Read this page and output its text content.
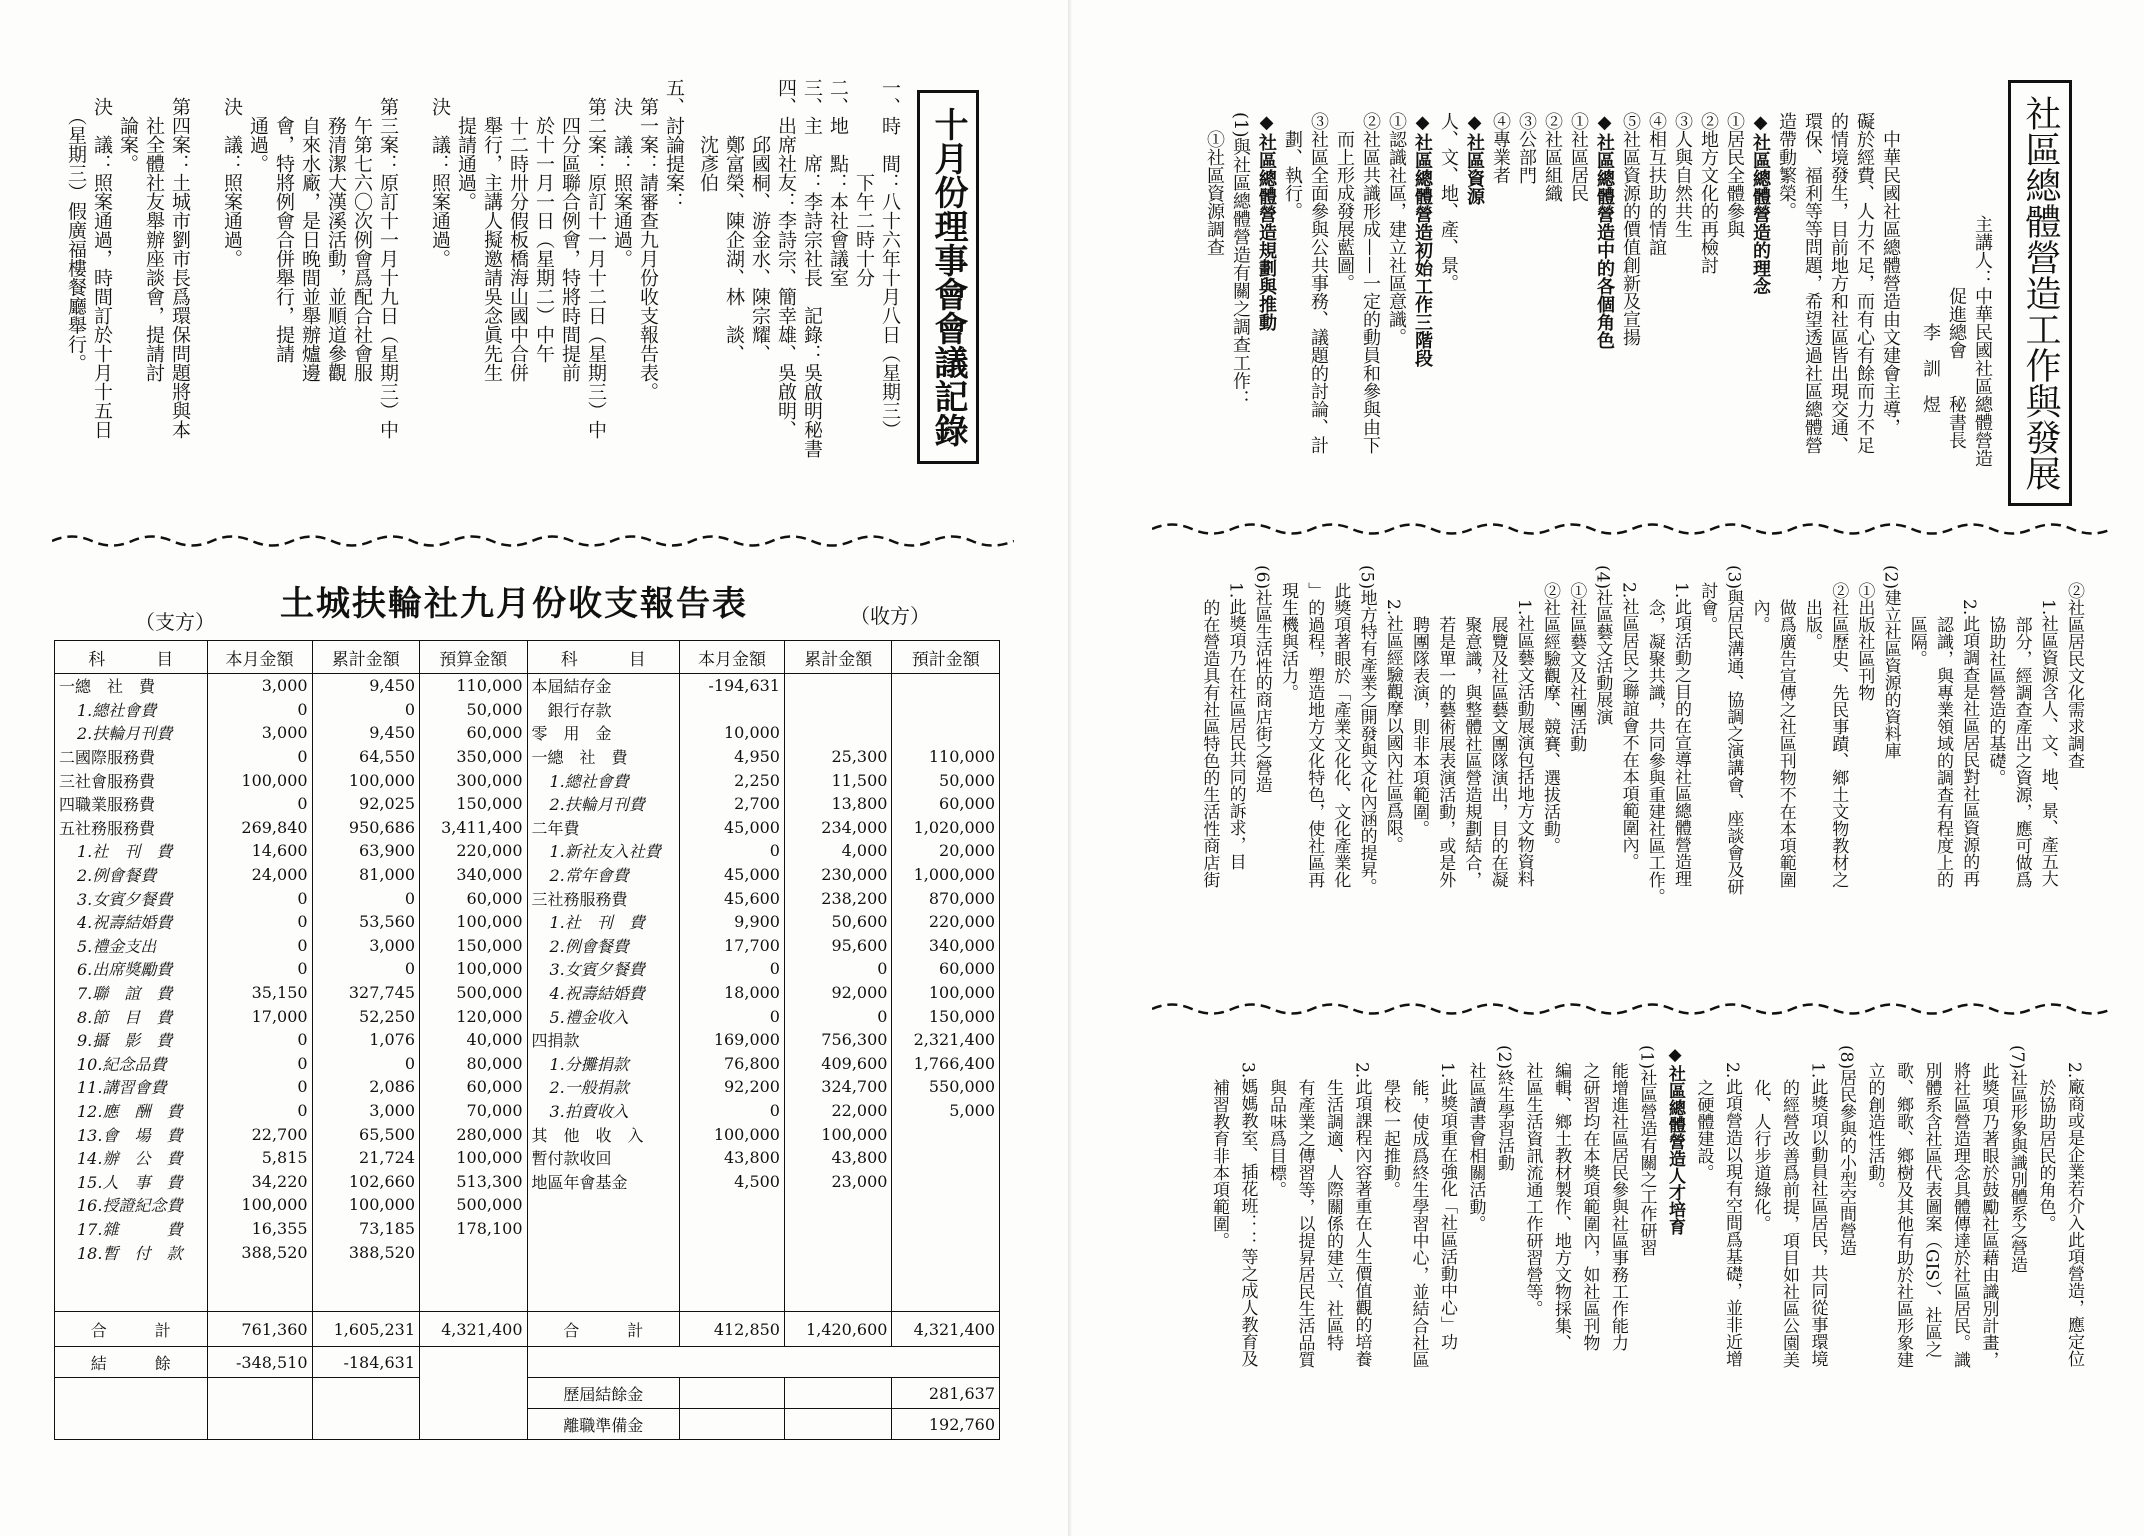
十月份理事會會議記錄
一、時　間：八十六年十月八日（星期三）
　　　　　下午二時十分
二、地　點：本社會議室
三、主　席：李詩宗社長　記錄：吳啟明秘書
四、出席社友：李詩宗、簡幸雄、吳啟明、
　　　邱國桐、游金水、陳宗耀、
　　　鄭富榮、陳企湖、林　談、
　　　沈彥伯
五、討論提案：
　第一案：請審查九月份收支報告表。
　決　議：照案通過。
　第二案：原訂十一月十二日（星期三）中
　　四分區聯合例會，特將時間提前
　　於十一月一日（星期二）中午
　　十二時卅分假板橋海山國中合併
　　舉行，主講人擬邀請吳念眞先生
　　提請通過。
　決　議：照案通過。
　第三案：原訂十一月十九日（星期三）中
　　午第七六〇次例會爲配合社會服
　　務清潔大漢溪活動，並順道參觀
　　自來水廠，是日晚間並舉辦爐邊
　　會，特將例會合併舉行，提請
　　通過。
　決　議：照案通過。
　第四案：土城市劉市長爲環保問題將與本
　　社全體社友舉辦座談會，提請討
　　論案。
　決　議：照案通過，時間訂於十月十五日
　　（星期三）假廣福樓餐廳舉行。
土城扶輪社九月份收支報告表
（支方）	（收方）
科　　　目	本月金額	累計金額	預算金額	科　　　目	本月金額	累計金額	預計金額
一總　社　費	3,000	9,450	110,000	本屆結存金	-194,631		
1.總社會費	0	0	50,000	　銀行存款			
2.扶輪月刊費	3,000	9,450	60,000	零　用　金	10,000		
二國際服務費	0	64,550	350,000	一總　社　費	4,950	25,300	110,000
三社會服務費	100,000	100,000	300,000	1.總社會費	2,250	11,500	50,000
四職業服務費	0	92,025	150,000	2.扶輪月刊費	2,700	13,800	60,000
五社務服務費	269,840	950,686	3,411,400	二年費	45,000	234,000	1,020,000
1.社　刊　費	14,600	63,900	220,000	1.新社友入社費	0	4,000	20,000
2.例會餐費	24,000	81,000	340,000	2.常年會費	45,000	230,000	1,000,000
3.女賓夕餐費	0	0	60,000	三社務服務費	45,600	238,200	870,000
4.祝壽結婚費	0	53,560	100,000	1.社　刊　費	9,900	50,600	220,000
5.禮金支出	0	3,000	150,000	2.例會餐費	17,700	95,600	340,000
6.出席獎勵費	0	0	100,000	3.女賓夕餐費	0	0	60,000
7.聯　誼　費	35,150	327,745	500,000	4.祝壽結婚費	18,000	92,000	100,000
8.節　目　費	17,000	52,250	120,000	5.禮金收入	0	0	150,000
9.攝　影　費	0	1,076	40,000	四捐款	169,000	756,300	2,321,400
10.紀念品費	0	0	80,000	1.分攤捐款	76,800	409,600	1,766,400
11.講習會費	0	2,086	60,000	2.一般捐款	92,200	324,700	550,000
12.應　酬　費	0	3,000	70,000	3.拍賣收入	0	22,000	5,000
13.會　場　費	22,700	65,500	280,000	其　他　收　入	100,000	100,000	
14.辦　公　費	5,815	21,724	100,000	暫付款收回	43,800	43,800	
15.人　事　費	34,220	102,660	513,300	地區年會基金	4,500	23,000	
16.授證紀念費	100,000	100,000	500,000				
17.雜　　　費	16,355	73,185	178,100				
18.暫　付　款	388,520	388,520					

合　　　計	761,360	1,605,231	4,321,400	合　　　計	412,850	1,420,600	4,321,400
結　　　餘	-348,510	-184,631					
				歷屆結餘金			281,637
				離職準備金			192,760
社區總體營造工作與發展
主講人：中華民國社區總體營造
　　　　促進總會　　秘書長
　　　　　　李　訓　煜
　中華民國社區總體營造由文建會主導，
礙於經費、人力不足，而有心有餘而力不足
的情境發生，目前地方和社區皆出現交通、
環保、福利等等問題，希望透過社區總體營
造帶動繁榮。
◆社區總體營造的理念
①居民全體參與
②地方文化的再檢討
③人與自然共生
④相互扶助的情誼
⑤社區資源的價值創新及宣揚
◆社區總體營造中的各個角色
①社區居民
②社區組織
③公部門
④專業者
◆社區資源
人、文、地、產、景。
◆社區總體營造初始工作三階段
①認識社區，建立社區意識。
②社區共識形成——一定的動員和參與由下
　而上形成發展藍圖。
③社區全面參與公共事務、議題的討論、計
　劃、執行。
◆社區總體營造規劃與推動
(1)與社區總體營造有關之調查工作：
　①社區資源調查
　②社區居民文化需求調查
　　1.社區資源含人、文、地、景、產五大
　　　部分，經調查產出之資源，應可做爲
　　　協助社區營造的基礎。
　　2.此項調查是社區居民對社區資源的再
　　　認識，與專業領域的調查有程度上的
　　　區隔。
(2)建立社區資源的資料庫
　①出版社區刊物
　②社區歷史、先民事蹟、鄉土文物教材之
　　出版。
　　做爲廣告宣傳之社區刊物不在本項範圍
　　內。
(3)與居民溝通、協調之演講會、座談會及研
　討會。
　1.此項活動之目的在宣導社區總體營造理
　　念，凝聚共識，共同參與重建社區工作。
　2.社區居民之聯誼會不在本項範圍內。
(4)社區藝文活動展演
　①社區藝文及社團活動
　②社區經驗觀摩、競賽、選拔活動。
　　1.社區藝文活動展演包括地方文物資料
　　　展覽及社區藝文團隊演出，目的在凝
　　　聚意識，與整體社區營造規劃結合，
　　　若是單一的藝術展表演活動，或是外
　　　聘團隊表演，則非本項範圍。
　　2.社區經驗觀摩以國內社區爲限。
(5)地方特有產業之開發與文化內涵的提昇。
　此獎項著眼於「產業文化化、文化產業化
　」的過程，塑造地方文化特色，使社區再
　現生機與活力。
(6)社區生活性的商店街之營造
　1.此獎項乃在社區居民共同的訴求，目
　　的在營造具有社區特色的生活性商店街
　2.廠商或是企業若介入此項營造，應定位
　　於協助居民的角色。
(7)社區形象與識別體系之營造
　此獎項乃著眼於鼓勵社區藉由識別計畫，
　將社區營造理念具體傳達於社區居民。識
　別體系含社區代表圖案（GIS）、社區之
　歌、鄉歌、鄉樹及其他有助於社區形象建
　立的創造性活動。
(8)居民參與的小型空間營造
　1.此獎項以動員社區居民，共同從事環境
　　的經營改善爲前提，項目如社區公園美
　　化、人行步道綠化。
　2.此項營造以現有空間爲基礎，並非近增
　　之硬體建設。
◆社區總體營造人才培育
(1)社區營造有關之工作研習
　能增進社區居民參與社區事務工作能力
　之研習均在本獎項範圍內，如社區刊物
　編輯、鄉土教材製作、地方文物採集、
　社區生活資訊流通工作研習營等。
(2)終生學習活動
　社區讀書會相關活動。
　1.此獎項重在強化「社區活動中心」功
　　能，使成爲終生學習中心，並結合社區
　　學校一起推動。
　2.此項課程內容著重在人生價值觀的培養
　　生活調適、人際關係的建立、社區特
　　有產業之傳習等，以提昇居民生活品質
　　與品味爲目標。
　3.媽媽教室、插花班：：等之成人教育及
　　補習教育非本項範圍。
